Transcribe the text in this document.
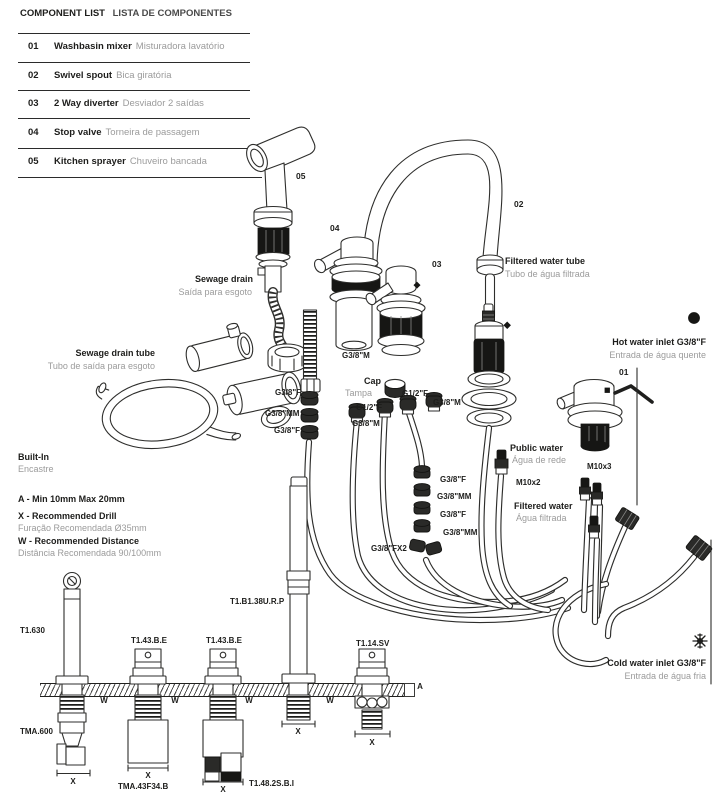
COMPONENT LIST LISTA DE COMPONENTES
01 Washbasin mixer Misturadora lavatório
02 Swivel spout Bica giratória
03 2 Way diverter Desviador 2 saídas
04 Stop valve Torneira de passagem
05 Kitchen sprayer Chuveiro bancada
05
04
03
02
01
Sewage drain
Saída para esgoto
Sewage drain tube
Tubo de saída para esgoto
Built-In
Encastre
A - Min 10mm Max 20mm
X - Recommended Drill
Furação Recomendada Ø35mm
W - Recommended Distance
Distância Recomendada 90/100mm
Filtered water tube
Tubo de água filtrada
Hot water inlet G3/8"F
Entrada de água quente
Cold water inlet G3/8"F
Entrada de água fria
Public water
Água de rede
Filtered water
Água filtrada
Cap
Tampa
G3/8"M
G1/2"F
G3/8"M
G1/2"F
G3/8"M
G3/8"F
G3/8"MM
G3/8"F
G3/8"F
G3/8"MM
G3/8"F
G3/8"MM
G3/8"FX2
M10x2
M10x3
T1.630
TMA.600
T1.43.B.E	T1.43.B.E
TMA.43F34.B
T1.B1.38U.R.P
T1.14.SV
T1.48.2S.B.I
A
W	W	W	W
X
X
X
X
X
